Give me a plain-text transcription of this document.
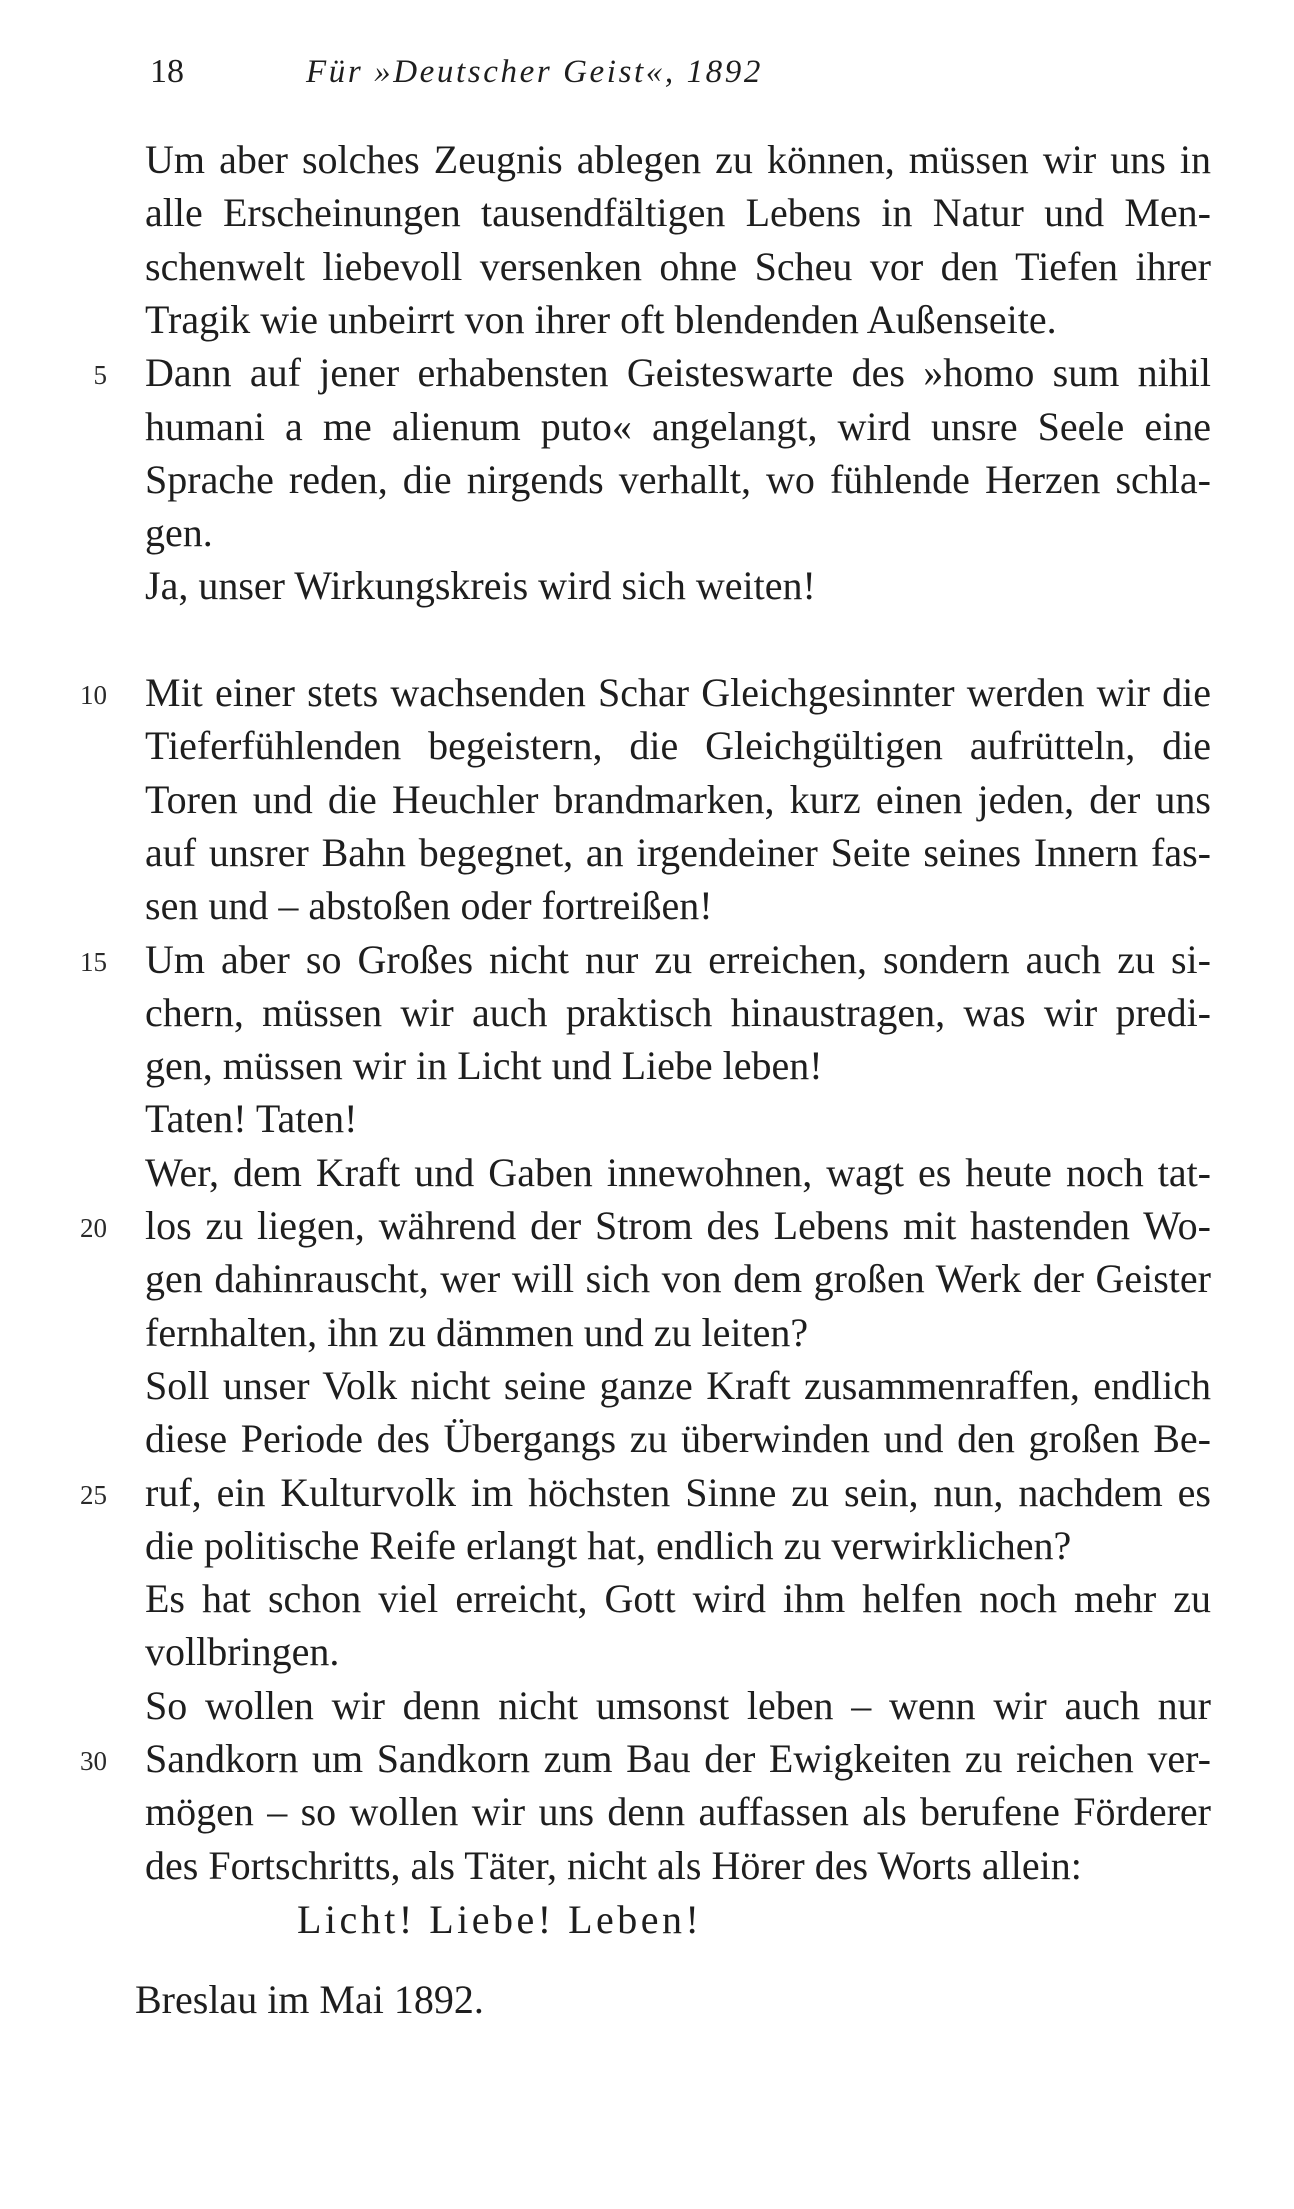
18	Für »Deutscher Geist«, 1892
Um aber solches Zeugnis ablegen zu können, müssen wir uns in
alle Erscheinungen tausendfältigen Lebens in Natur und Men-
schenwelt liebevoll versenken ohne Scheu vor den Tiefen ihrer
Tragik wie unbeirrt von ihrer oft blendenden Außenseite.
Dann auf jener erhabensten Geisteswarte des »homo sum nihil
5
humani a me alienum puto« angelangt, wird unsre Seele eine
Sprache reden, die nirgends verhallt, wo fühlende Herzen schla-
gen.
Ja, unser Wirkungskreis wird sich weiten!
Mit einer stets wachsenden Schar Gleichgesinnter werden wir die
10
Tieferfühlenden begeistern, die Gleichgültigen aufrütteln, die
Toren und die Heuchler brandmarken, kurz einen jeden, der uns
auf unsrer Bahn begegnet, an irgendeiner Seite seines Innern fas-
sen und – abstoßen oder fortreißen!
Um aber so Großes nicht nur zu erreichen, sondern auch zu si-
15
chern, müssen wir auch praktisch hinaustragen, was wir predi-
gen, müssen wir in Licht und Liebe leben!
Taten! Taten!
Wer, dem Kraft und Gaben innewohnen, wagt es heute noch tat-
los zu liegen, während der Strom des Lebens mit hastenden Wo-
20
gen dahinrauscht, wer will sich von dem großen Werk der Geister
fernhalten, ihn zu dämmen und zu leiten?
Soll unser Volk nicht seine ganze Kraft zusammenraffen, endlich
diese Periode des Übergangs zu überwinden und den großen Be-
ruf, ein Kulturvolk im höchsten Sinne zu sein, nun, nachdem es
25
die politische Reife erlangt hat, endlich zu verwirklichen?
Es hat schon viel erreicht, Gott wird ihm helfen noch mehr zu
vollbringen.
So wollen wir denn nicht umsonst leben – wenn wir auch nur
Sandkorn um Sandkorn zum Bau der Ewigkeiten zu reichen ver-
30
mögen – so wollen wir uns denn auffassen als berufene Förderer
des Fortschritts, als Täter, nicht als Hörer des Worts allein:
Licht! Liebe! Leben!
Breslau im Mai 1892.
